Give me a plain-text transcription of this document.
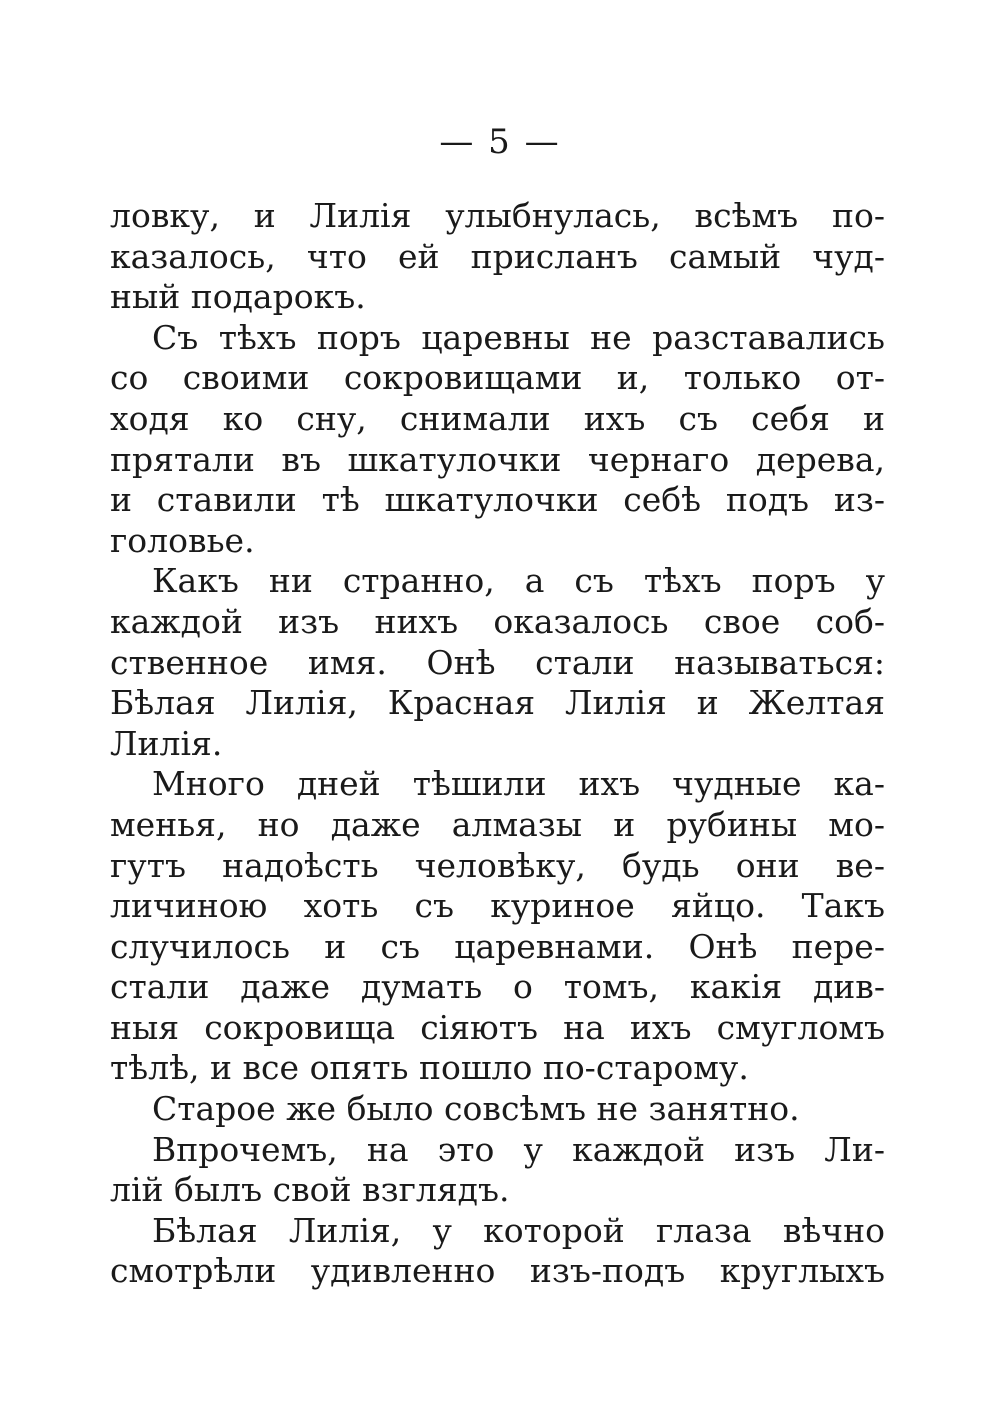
— 5 —
ловку, и Лилія улыбнулась, всѣмъ по-
казалось, что ей присланъ самый чуд-
ный подарокъ.
Съ тѣхъ поръ царевны не разставались
со своими сокровищами и, только от-
ходя ко сну, снимали ихъ съ себя и
прятали въ шкатулочки чернаго дерева,
и ставили тѣ шкатулочки себѣ подъ из-
головье.
Какъ ни странно, а съ тѣхъ поръ у
каждой изъ нихъ оказалось свое соб-
ственное имя. Онѣ стали называться:
Бѣлая Лилія, Красная Лилія и Желтая
Лилія.
Много дней тѣшили ихъ чудные ка-
менья, но даже алмазы и рубины мо-
гутъ надоѣсть человѣку, будь они ве-
личиною хоть съ куриное яйцо. Такъ
случилось и съ царевнами. Онѣ пере-
стали даже думать о томъ, какія див-
ныя сокровища сіяютъ на ихъ смугломъ
тѣлѣ, и все опять пошло по-старому.
Старое же было совсѣмъ не занятно.
Впрочемъ, на это у каждой изъ Ли-
лій былъ свой взглядъ.
Бѣлая Лилія, у которой глаза вѣчно
смотрѣли удивленно изъ-подъ круглыхъ
